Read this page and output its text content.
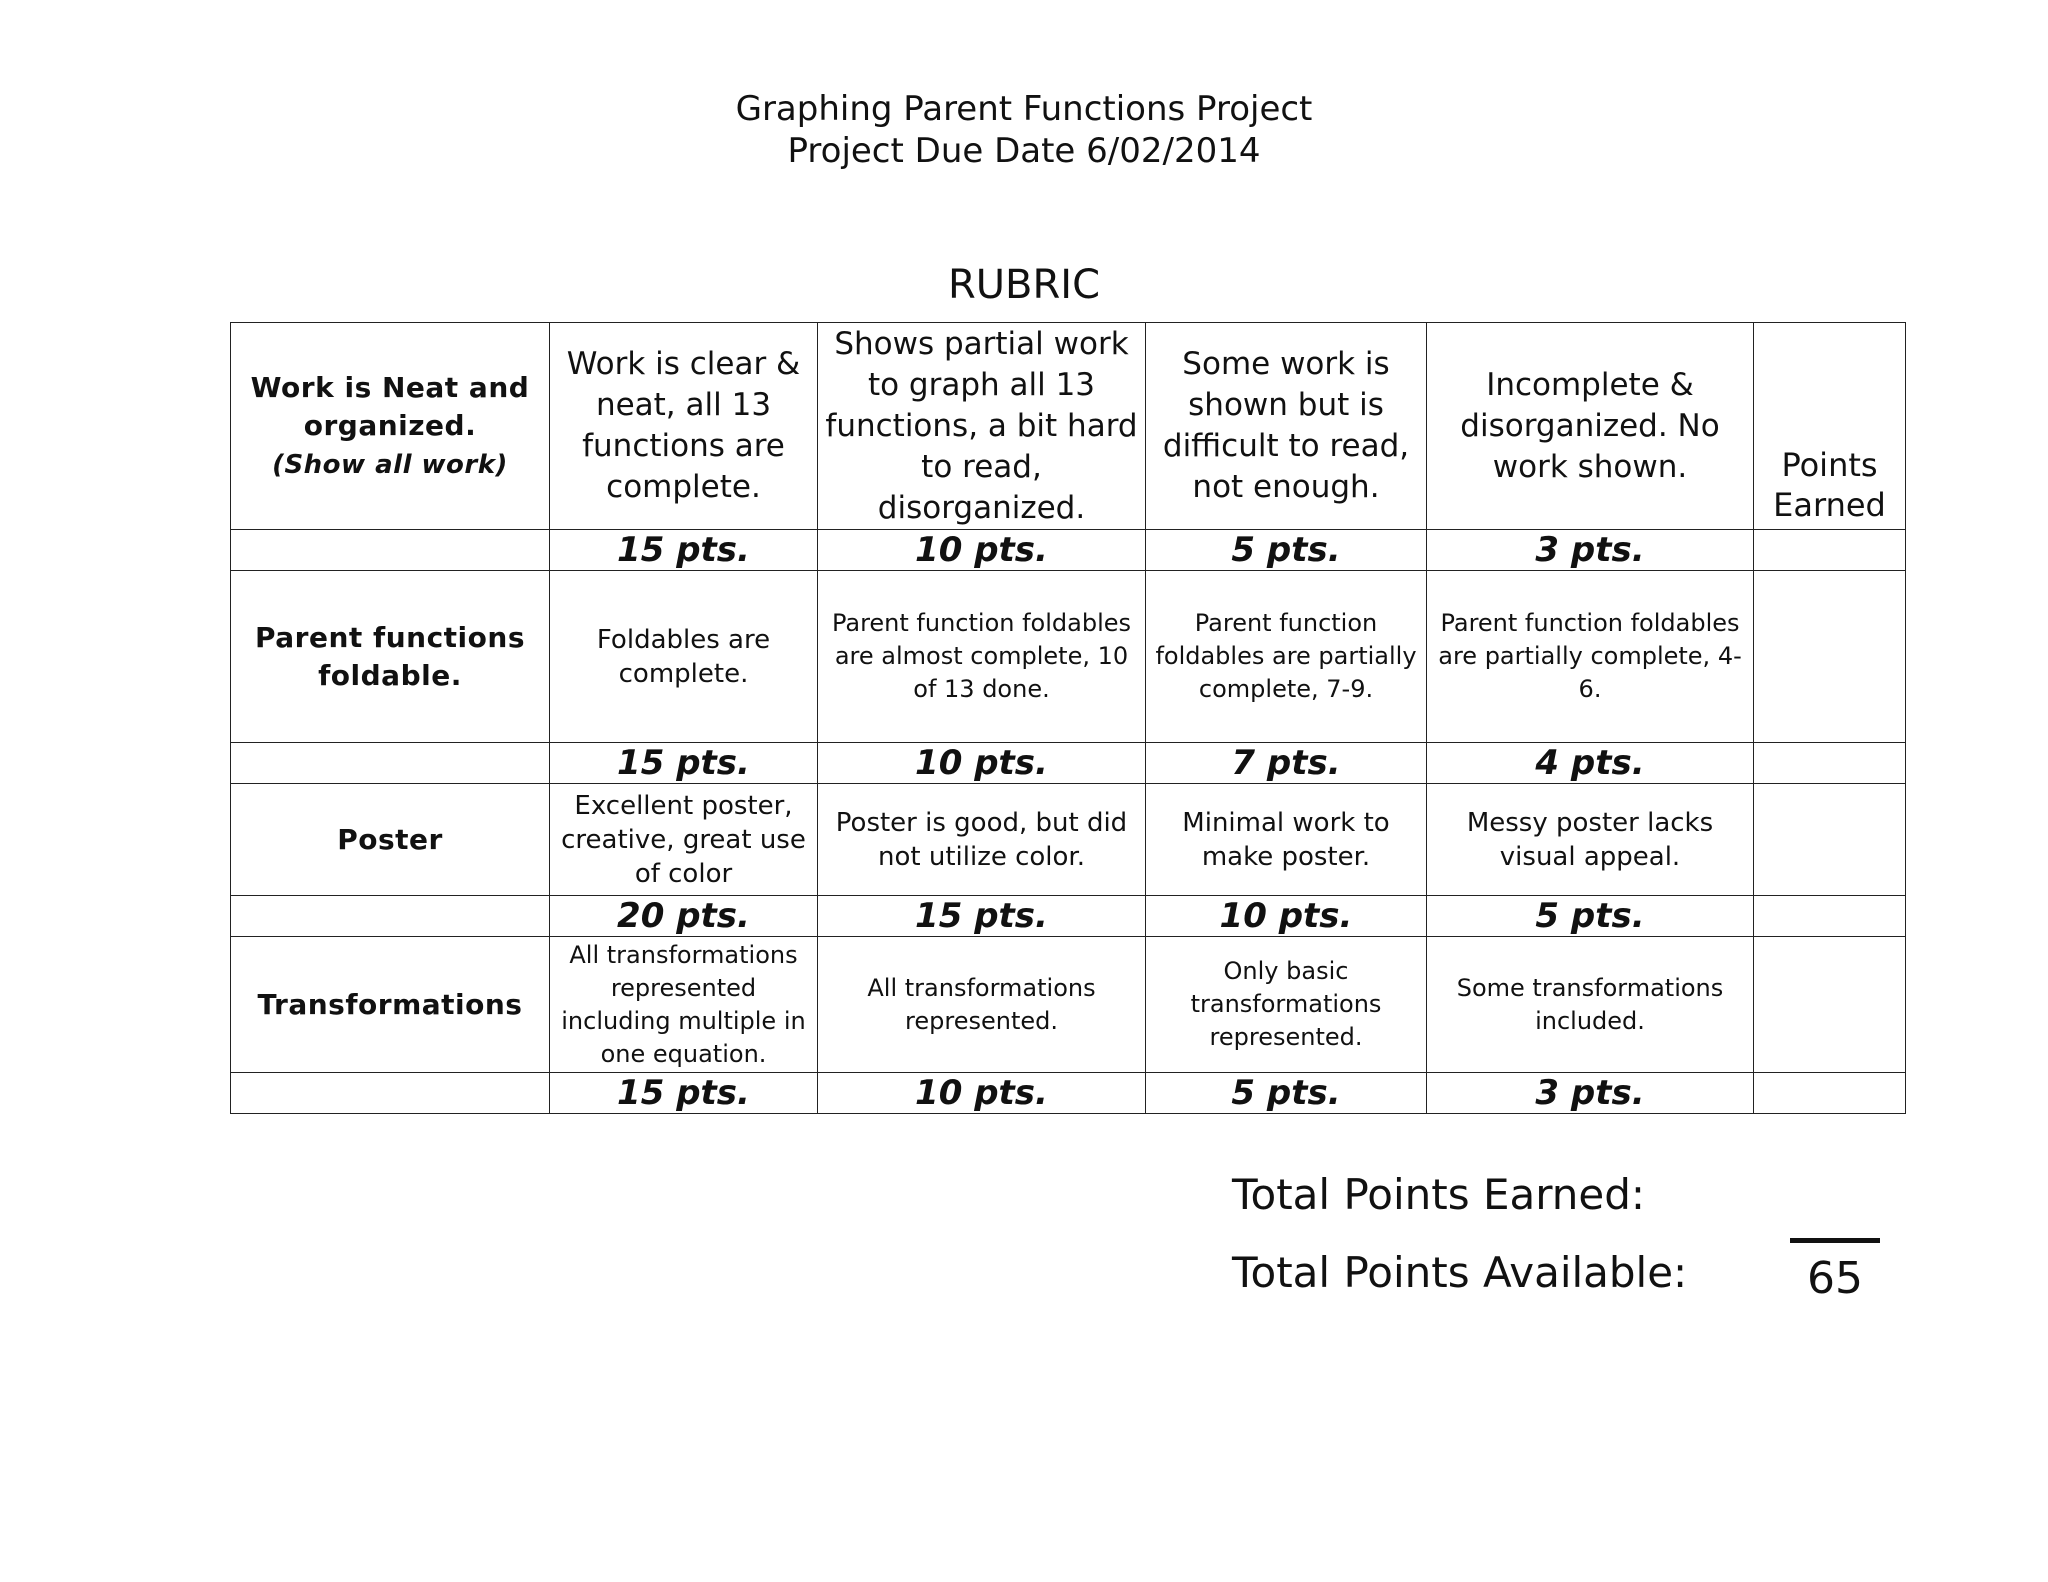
Graphing Parent Functions Project
Project Due Date 6/02/2014
RUBRIC
Work is Neat and organized.
(Show all work)	Work is clear & neat, all 13 functions are complete.	Shows partial work to graph all 13 functions, a bit hard to read, disorganized.	Some work is shown but is difficult to read, not enough.	Incomplete & disorganized. No work shown.	Points Earned
	15 pts.	10 pts.	5 pts.	3 pts.	
Parent functions foldable.	Foldables are complete.	Parent function foldables are almost complete, 10 of 13 done.	Parent function foldables are partially complete, 7-9.	Parent function foldables are partially complete, 4-6.	
	15 pts.	10 pts.	7 pts.	4 pts.	
Poster	Excellent poster, creative, great use of color	Poster is good, but did not utilize color.	Minimal work to make poster.	Messy poster lacks visual appeal.	
	20 pts.	15 pts.	10 pts.	5 pts.	
Transformations	All transformations represented including multiple in one equation.	All transformations represented.	Only basic transformations represented.	Some transformations included.	
	15 pts.	10 pts.	5 pts.	3 pts.	
Total Points Earned:
Total Points Available:	65
